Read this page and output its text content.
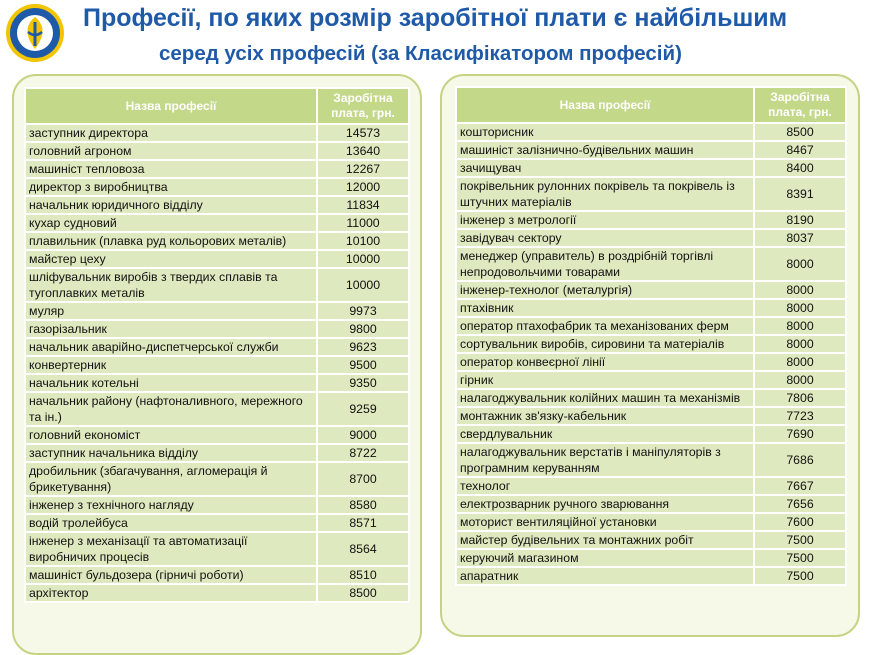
Професії, по яких розмір заробітної плати є найбільшим
серед усіх професій (за Класифікатором професій)
Назва професії	Заробітна
плата, грн.
заступник директора	14573
головний агроном	13640
машиніст тепловоза	12267
директор з виробництва	12000
начальник юридичного відділу	11834
кухар судновий	11000
плавильник (плавка руд кольорових металів)	10100
майстер цеху	10000
шліфувальник виробів з твердих сплавів та тугоплавких металів	10000
муляр	9973
газорізальник	9800
начальник аварійно-диспетчерської служби	9623
конвертерник	9500
начальник котельні	9350
начальник району (нафтоналивного, мережного та ін.)	9259
головний економіст	9000
заступник начальника відділу	8722
дробильник (збагачування, агломерація й брикетування)	8700
інженер з технічного нагляду	8580
водій тролейбуса	8571
інженер з механізації та автоматизації виробничих процесів	8564
машиніст бульдозера (гірничі роботи)	8510
архітектор	8500
Назва професії	Заробітна
плата, грн.
кошторисник	8500
машиніст залізнично-будівельних машин	8467
зачищувач	8400
покрівельник рулонних покрівель та покрівель із штучних матеріалів	8391
інженер з метрології	8190
завідувач сектору	8037
менеджер (управитель) в роздрібній торгівлі непродовольчими товарами	8000
інженер-технолог (металургія)	8000
птахівник	8000
оператор птахофабрик та механізованих ферм	8000
сортувальник виробів, сировини та матеріалів	8000
оператор конвеєрної лінії	8000
гірник	8000
налагоджувальник колійних машин та механізмів	7806
монтажник зв'язку-кабельник	7723
свердлувальник	7690
налагоджувальник верстатів і маніпуляторів з програмним керуванням	7686
технолог	7667
електрозварник ручного зварювання	7656
моторист вентиляційної установки	7600
майстер будівельних та монтажних робіт	7500
керуючий магазином	7500
апаратник	7500
